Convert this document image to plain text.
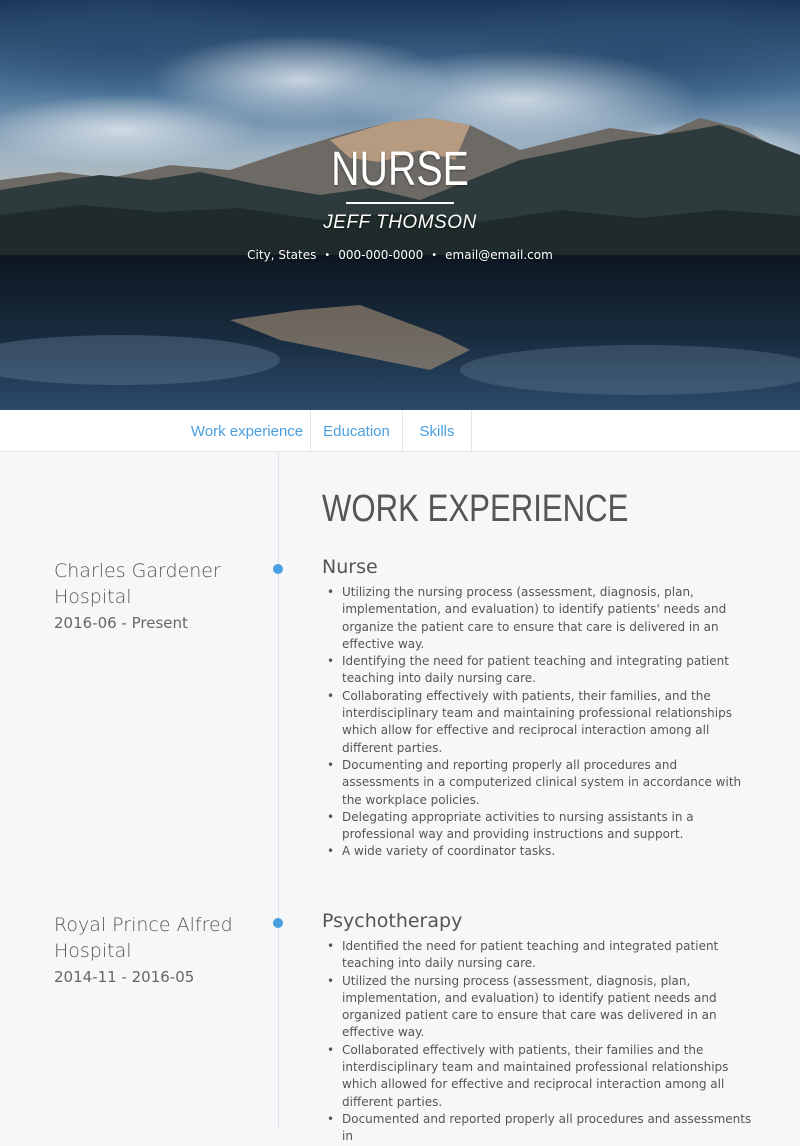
NURSE
JEFF THOMSON
City, States • 000-000-0000 • email@email.com
Work experience	Education	Skills
WORK EXPERIENCE
Charles Gardener Hospital
2016-06 - Present
Nurse
• Utilizing the nursing process (assessment, diagnosis, plan, implementation, and evaluation) to identify patients' needs and organize the patient care to ensure that care is delivered in an effective way.
• Identifying the need for patient teaching and integrating patient teaching into daily nursing care.
• Collaborating effectively with patients, their families, and the interdisciplinary team and maintaining professional relationships which allow for effective and reciprocal interaction among all different parties.
• Documenting and reporting properly all procedures and assessments in a computerized clinical system in accordance with the workplace policies.
• Delegating appropriate activities to nursing assistants in a professional way and providing instructions and support.
• A wide variety of coordinator tasks.
Royal Prince Alfred Hospital
2014-11 - 2016-05
Psychotherapy
• Identified the need for patient teaching and integrated patient teaching into daily nursing care.
• Utilized the nursing process (assessment, diagnosis, plan, implementation, and evaluation) to identify patient needs and organized patient care to ensure that care was delivered in an effective way.
• Collaborated effectively with patients, their families and the interdisciplinary team and maintained professional relationships which allowed for effective and reciprocal interaction among all different parties.
• Documented and reported properly all procedures and assessments in
